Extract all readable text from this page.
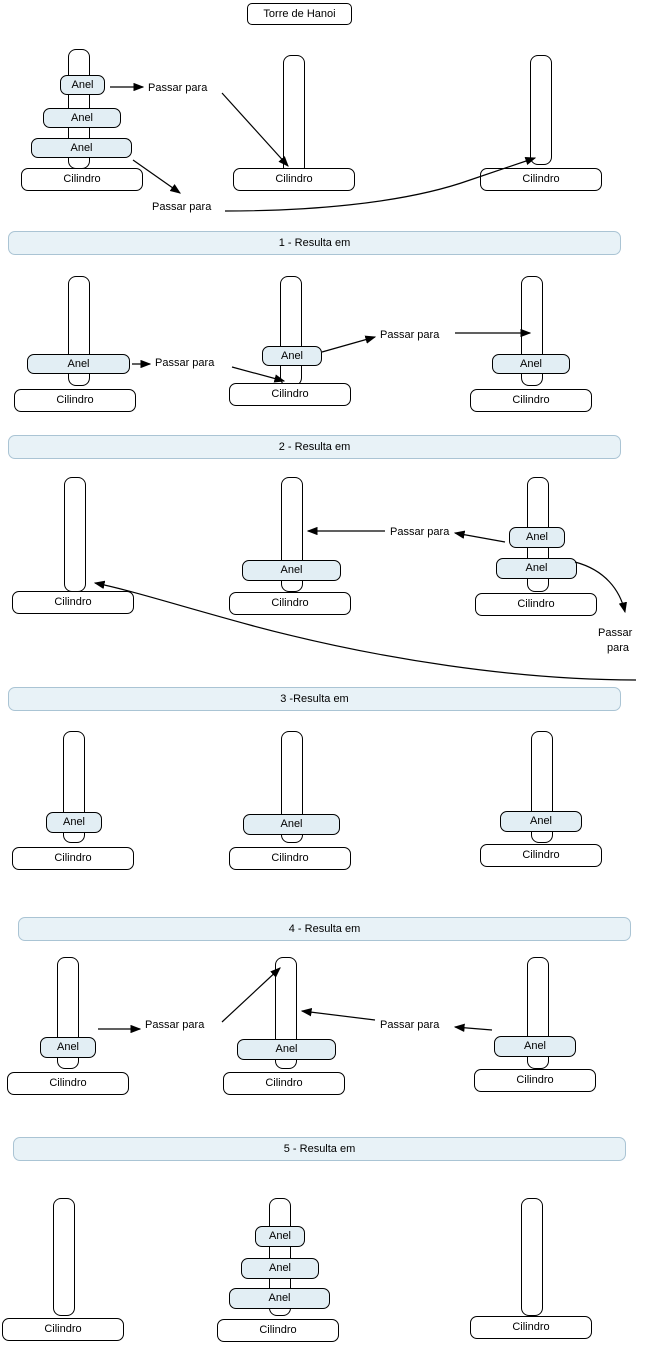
Torre de Hanoi
Anel
Anel
Anel
Cilindro	Cilindro	Cilindro
Passar para
Passar para
1 - Resulta em
Anel
Anel
Anel
Cilindro	Cilindro	Cilindro
Passar para
Passar para
2 - Resulta em
Anel
Anel
Anel
Cilindro	Cilindro	Cilindro
Passar para
Passar
para
3 -Resulta em
Anel	Anel	Anel
Cilindro	Cilindro	Cilindro
4 - Resulta em
Anel	Anel	Anel
Cilindro	Cilindro	Cilindro
Passar para	Passar para
5 - Resulta em
Anel
Anel
Anel
Cilindro	Cilindro	Cilindro
